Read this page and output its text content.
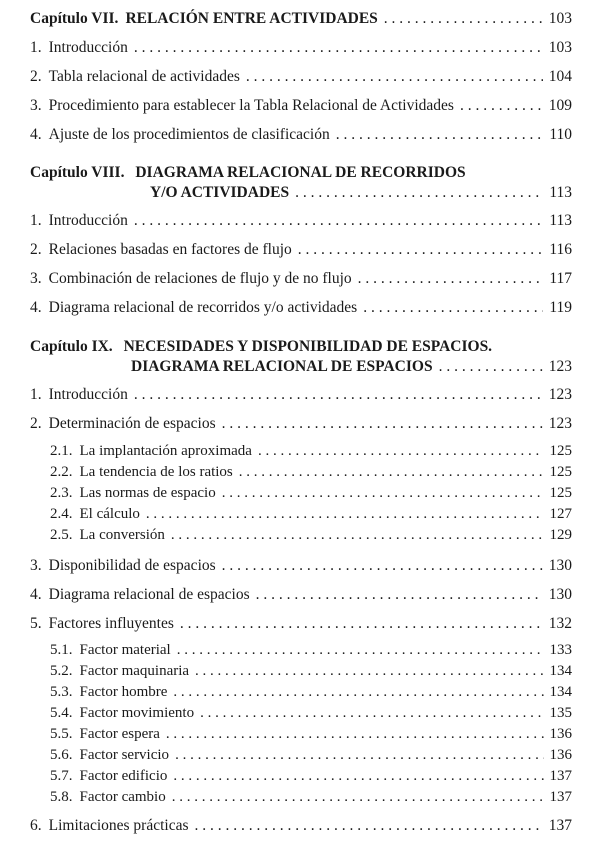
Capítulo VII. RELACIÓN ENTRE ACTIVIDADES . . .	103
1. Introducción . . .	103
2. Tabla relacional de actividades . . .	104
3. Procedimiento para establecer la Tabla Relacional de Actividades . . .	109
4. Ajuste de los procedimientos de clasificación . . .	110
Capítulo VIII. DIAGRAMA RELACIONAL DE RECORRIDOS
Y/O ACTIVIDADES . . .	113
1. Introducción . . .	113
2. Relaciones basadas en factores de flujo . . .	116
3. Combinación de relaciones de flujo y de no flujo . . .	117
4. Diagrama relacional de recorridos y/o actividades . . .	119
Capítulo IX. NECESIDADES Y DISPONIBILIDAD DE ESPACIOS.
DIAGRAMA RELACIONAL DE ESPACIOS . . .	123
1. Introducción . . .	123
2. Determinación de espacios . . .	123
2.1. La implantación aproximada . . .	125
2.2. La tendencia de los ratios . . .	125
2.3. Las normas de espacio . . .	125
2.4. El cálculo . . .	127
2.5. La conversión . . .	129
3. Disponibilidad de espacios . . .	130
4. Diagrama relacional de espacios . . .	130
5. Factores influyentes . . .	132
5.1. Factor material . . .	133
5.2. Factor maquinaria . . .	134
5.3. Factor hombre . . .	134
5.4. Factor movimiento . . .	135
5.5. Factor espera . . .	136
5.6. Factor servicio . . .	136
5.7. Factor edificio . . .	137
5.8. Factor cambio . . .	137
6. Limitaciones prácticas . . .	137
